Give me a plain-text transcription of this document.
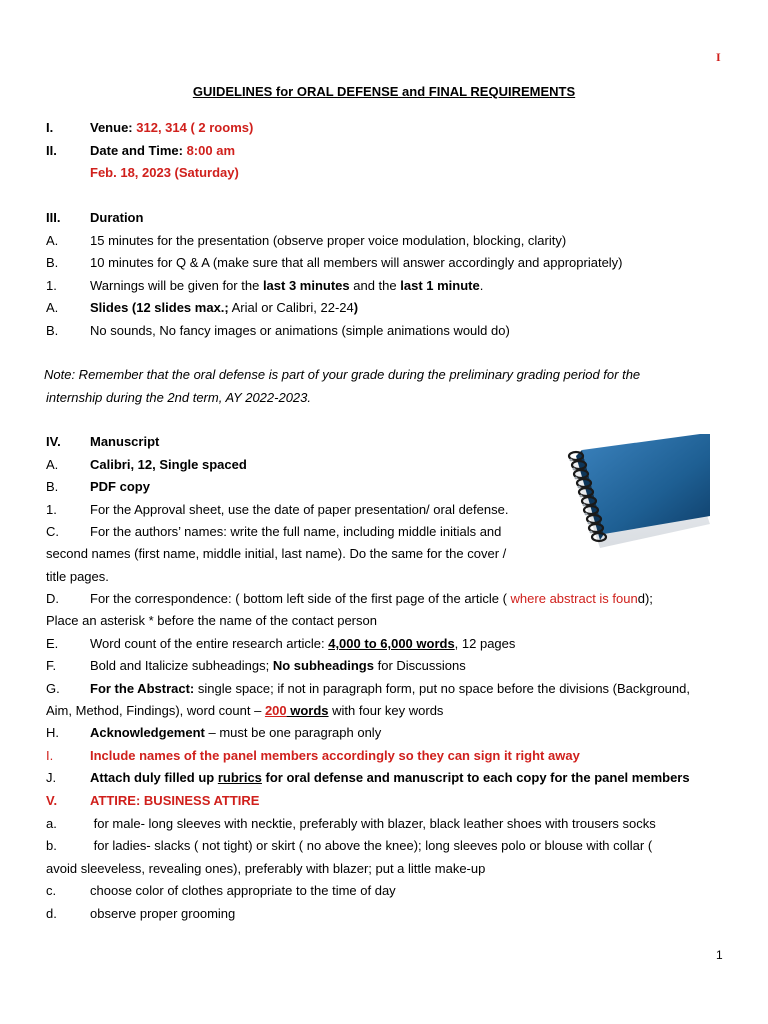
I
GUIDELINES for ORAL DEFENSE and FINAL REQUIREMENTS
I.	Venue: 312, 314 ( 2 rooms)
II.	Date and Time: 8:00 am
Feb. 18, 2023 (Saturday)
III. Duration
A. 15 minutes for the presentation (observe proper voice modulation, blocking, clarity)
B. 10 minutes for Q & A (make sure that all members will answer accordingly and appropriately)
1.	Warnings will be given for the last 3 minutes and the last 1 minute.
A. Slides (12 slides max.; Arial or Calibri, 22-24)
B. No sounds, No fancy images or animations (simple animations would do)
Note: Remember that the oral defense is part of your grade during the preliminary grading period for the
internship during the 2nd term, AY 2022-2023.
IV. Manuscript
A. Calibri, 12, Single spaced
B. PDF copy
1.	For the Approval sheet, use the date of paper presentation/ oral defense.
C. For the authors’ names: write the full name, including middle initials and
second names (first name, middle initial, last name). Do the same for the cover /
title pages.
D. For the correspondence: ( bottom left side of the first page of the article ( where abstract is found);
Place an asterisk * before the name of the contact person
E. Word count of the entire research article: 4,000 to 6,000 words, 12 pages
F.	Bold and Italicize subheadings; No subheadings for Discussions
G. For the Abstract: single space; if not in paragraph form, put no space before the divisions (Background,
Aim, Method, Findings), word count – 200 words with four key words
H. Acknowledgement – must be one paragraph only
I.	Include names of the panel members accordingly so they can sign it right away
J.	Attach duly filled up rubrics for oral defense and manuscript to each copy for the panel members
V.	ATTIRE: BUSINESS ATTIRE
a.	for male- long sleeves with necktie, preferably with blazer, black leather shoes with trousers socks
b.	for ladies- slacks ( not tight) or skirt ( no above the knee); long sleeves polo or blouse with collar (
avoid sleeveless, revealing ones), preferably with blazer; put a little make-up
c.	choose color of clothes appropriate to the time of day
d.	observe proper grooming
1
